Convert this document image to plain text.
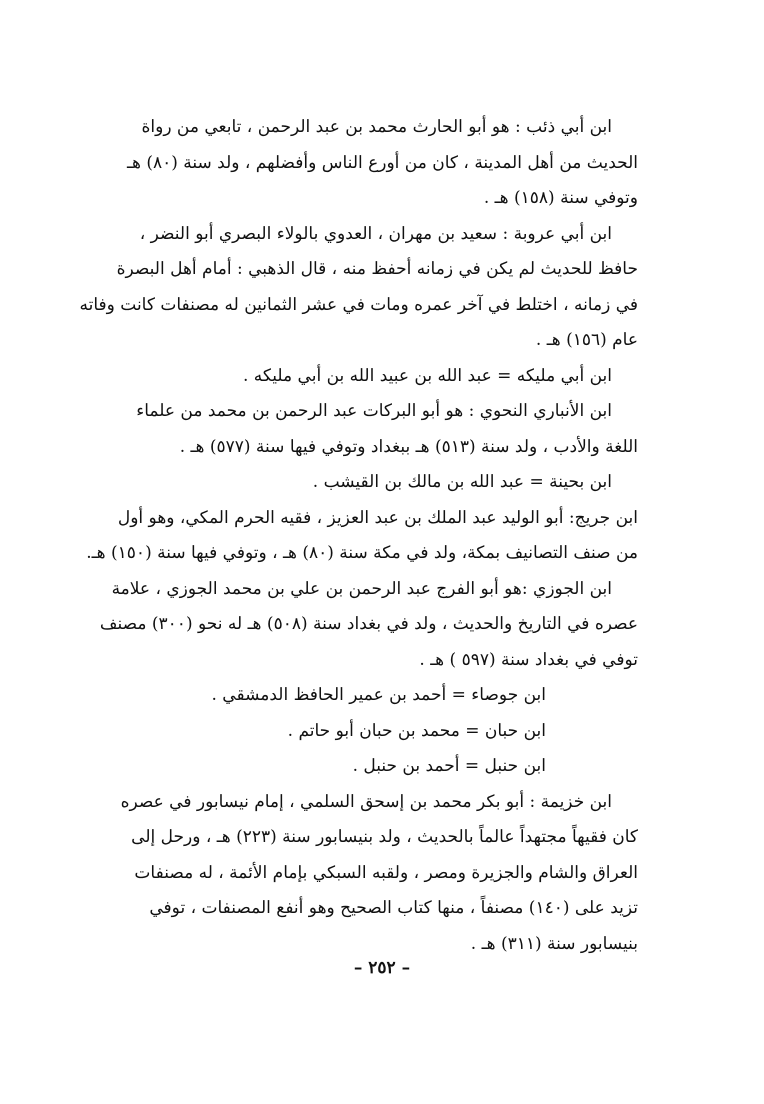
ابن أبي ذئب : هو أبو الحارث محمد بن عبد الرحمن ، تابعي من رواة
الحديث من أهل المدينة ، كان من أورع الناس وأفضلهم ، ولد سنة (٨٠) هـ
وتوفي سنة (١٥٨) هـ .

ابن أبي عروبة : سعيد بن مهران ، العدوي بالولاء البصري أبو النضر ،
حافظ للحديث لم يكن في زمانه أحفظ منه ، قال الذهبي : أمام أهل البصرة
في زمانه ، اختلط في آخر عمره ومات في عشر الثمانين له مصنفات كانت وفاته
عام (١٥٦) هـ .

ابن أبي مليكه = عبد الله بن عبيد الله بن أبي مليكه .

ابن الأنباري النحوي : هو أبو البركات عبد الرحمن بن محمد من علماء
اللغة والأدب ، ولد سنة (٥١٣) هـ ببغداد وتوفي فيها سنة (٥٧٧) هـ .

ابن بحينة = عبد الله بن مالك بن القيشب .

ابن جريج: أبو الوليد عبد الملك بن عبد العزيز ، فقيه الحرم المكي، وهو أول
من صنف التصانيف بمكة، ولد في مكة سنة (٨٠) هـ ، وتوفي فيها سنة (١٥٠) هـ.

ابن الجوزي :هو أبو الفرج عبد الرحمن بن علي بن محمد الجوزي ، علامة
عصره في التاريخ والحديث ، ولد في بغداد سنة (٥٠٨) هـ له نحو (٣٠٠) مصنف
توفي في بغداد سنة (٥٩٧ ) هـ .

ابن جوصاء = أحمد بن عمير الحافظ الدمشقي .

ابن حبان = محمد بن حبان أبو حاتم .

ابن حنبل = أحمد بن حنبل .

ابن خزيمة : أبو بكر محمد بن إسحق السلمي ، إمام نيسابور في عصره
كان فقيهاً مجتهداً عالماً بالحديث ، ولد بنيسابور سنة (٢٢٣) هـ ، ورحل إلى
العراق والشام والجزيرة ومصر ، ولقبه السبكي بإمام الأئمة ، له مصنفات
تزيد على (١٤٠) مصنفاً ، منها كتاب الصحيح وهو أنفع المصنفات ، توفي
بنيسابور سنة (٣١١) هـ .

– ٢٥٢ –
